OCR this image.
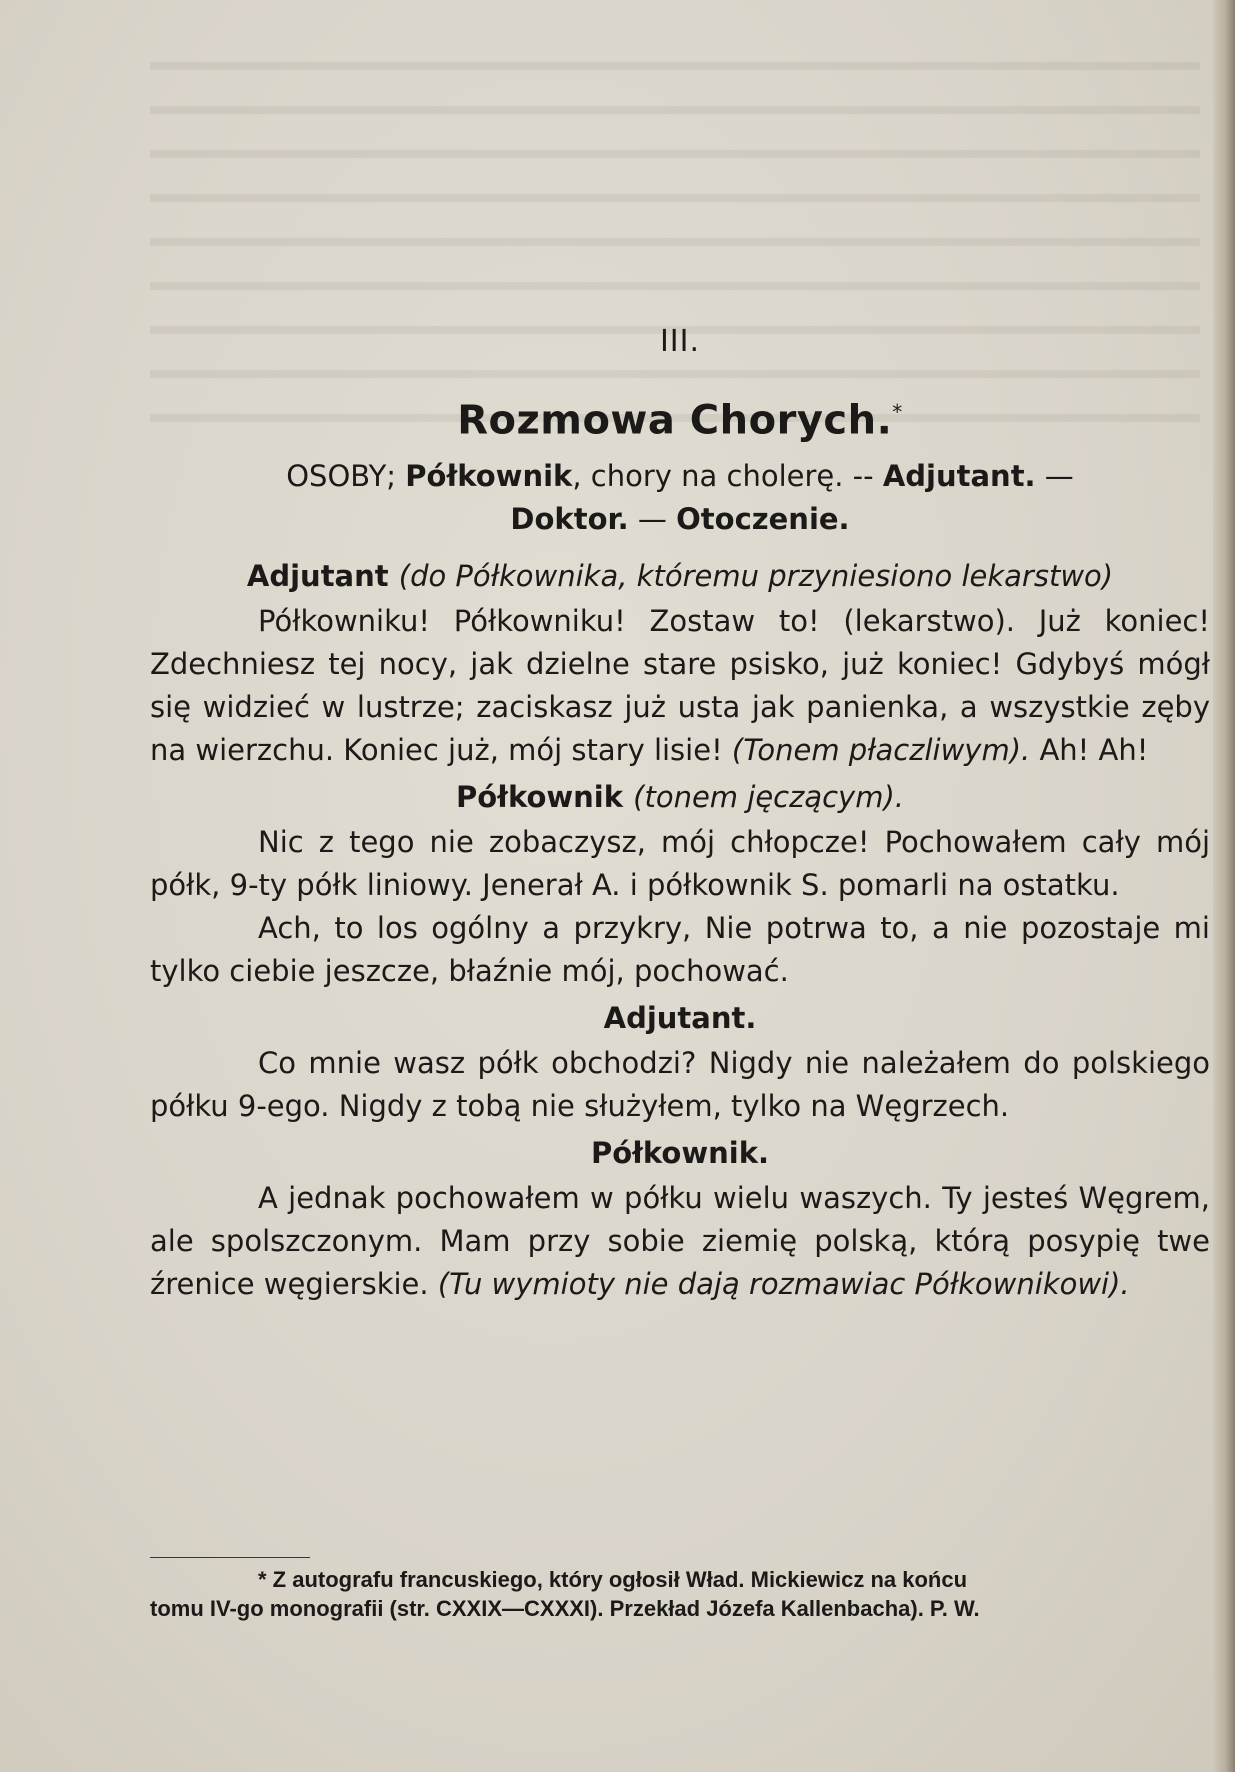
III.
Rozmowa Chorych.*
OSOBY; Półkownik, chory na cholerę. -- Adjutant. —
Doktor. — Otoczenie.
Adjutant (do Półkownika, któremu przyniesiono lekarstwo)

Półkowniku! Półkowniku! Zostaw to! (lekarstwo). Już koniec! Zdechniesz tej nocy, jak dzielne stare psisko, już koniec! Gdybyś mógł się widzieć w lustrze; zaciskasz już usta jak panienka, a wszystkie zęby na wierzchu. Koniec już, mój stary lisie! (Tonem płaczliwym). Ah! Ah!

Półkownik (tonem jęczącym).

Nic z tego nie zobaczysz, mój chłopcze! Pochowałem cały mój półk, 9-ty półk liniowy. Jenerał A. i półkownik S. pomarli na ostatku.

Ach, to los ogólny a przykry, Nie potrwa to, a nie pozostaje mi tylko ciebie jeszcze, błaźnie mój, pochować.

Adjutant.

Co mnie wasz półk obchodzi? Nigdy nie należałem do polskiego półku 9-ego. Nigdy z tobą nie służyłem, tylko na Węgrzech.

Półkownik.

A jednak pochowałem w półku wielu waszych. Ty jesteś Węgrem, ale spolszczonym. Mam przy sobie ziemię polską, którą posypię twe źrenice węgierskie. (Tu wymioty nie dają rozmawiac Półkownikowi).

* Z autografu francuskiego, który ogłosił Wład. Mickiewicz na końcu
tomu IV-go monografii (str. CXXIX—CXXXI). Przekład Józefa Kallenbacha). P. W.
